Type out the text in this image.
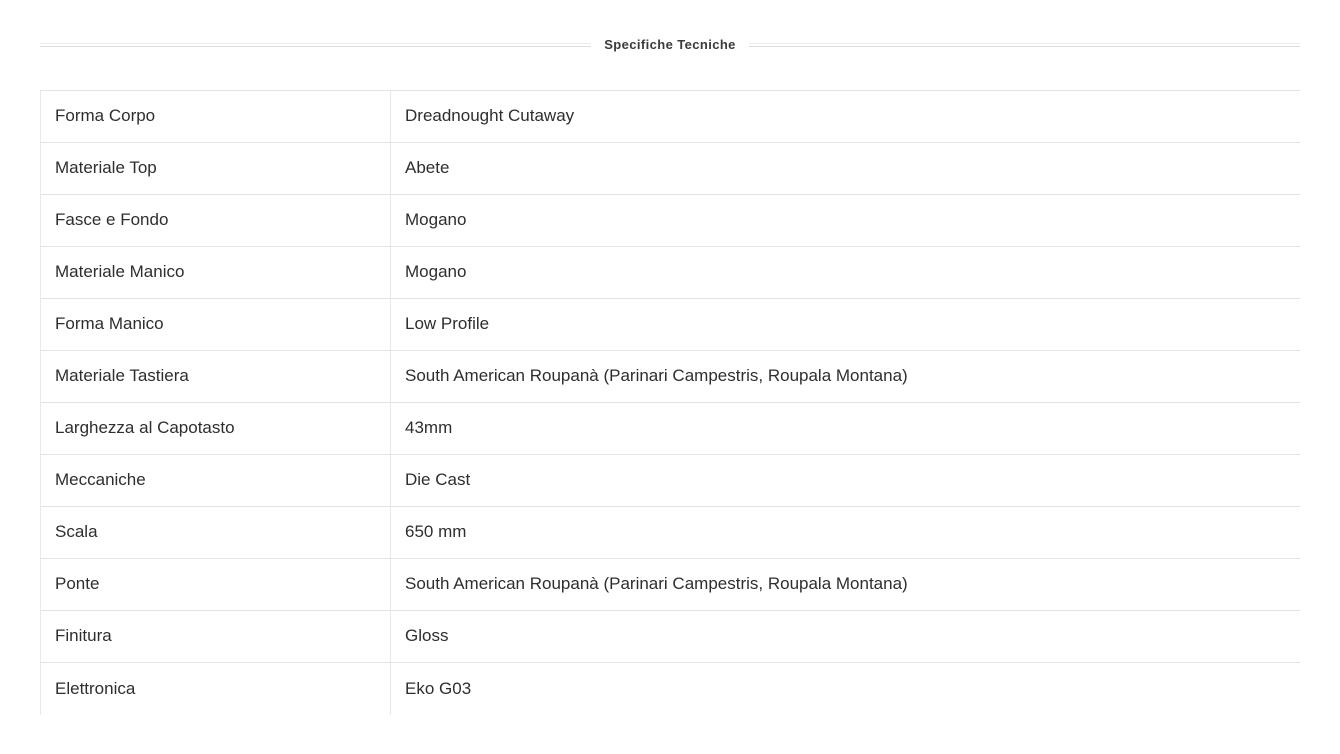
Specifiche Tecniche
Forma Corpo	Dreadnought Cutaway
Materiale Top	Abete
Fasce e Fondo	Mogano
Materiale Manico	Mogano
Forma Manico	Low Profile
Materiale Tastiera	South American Roupanà (Parinari Campestris, Roupala Montana)
Larghezza al Capotasto	43mm
Meccaniche	Die Cast
Scala	650 mm
Ponte	South American Roupanà (Parinari Campestris, Roupala Montana)
Finitura	Gloss
Elettronica	Eko G03
